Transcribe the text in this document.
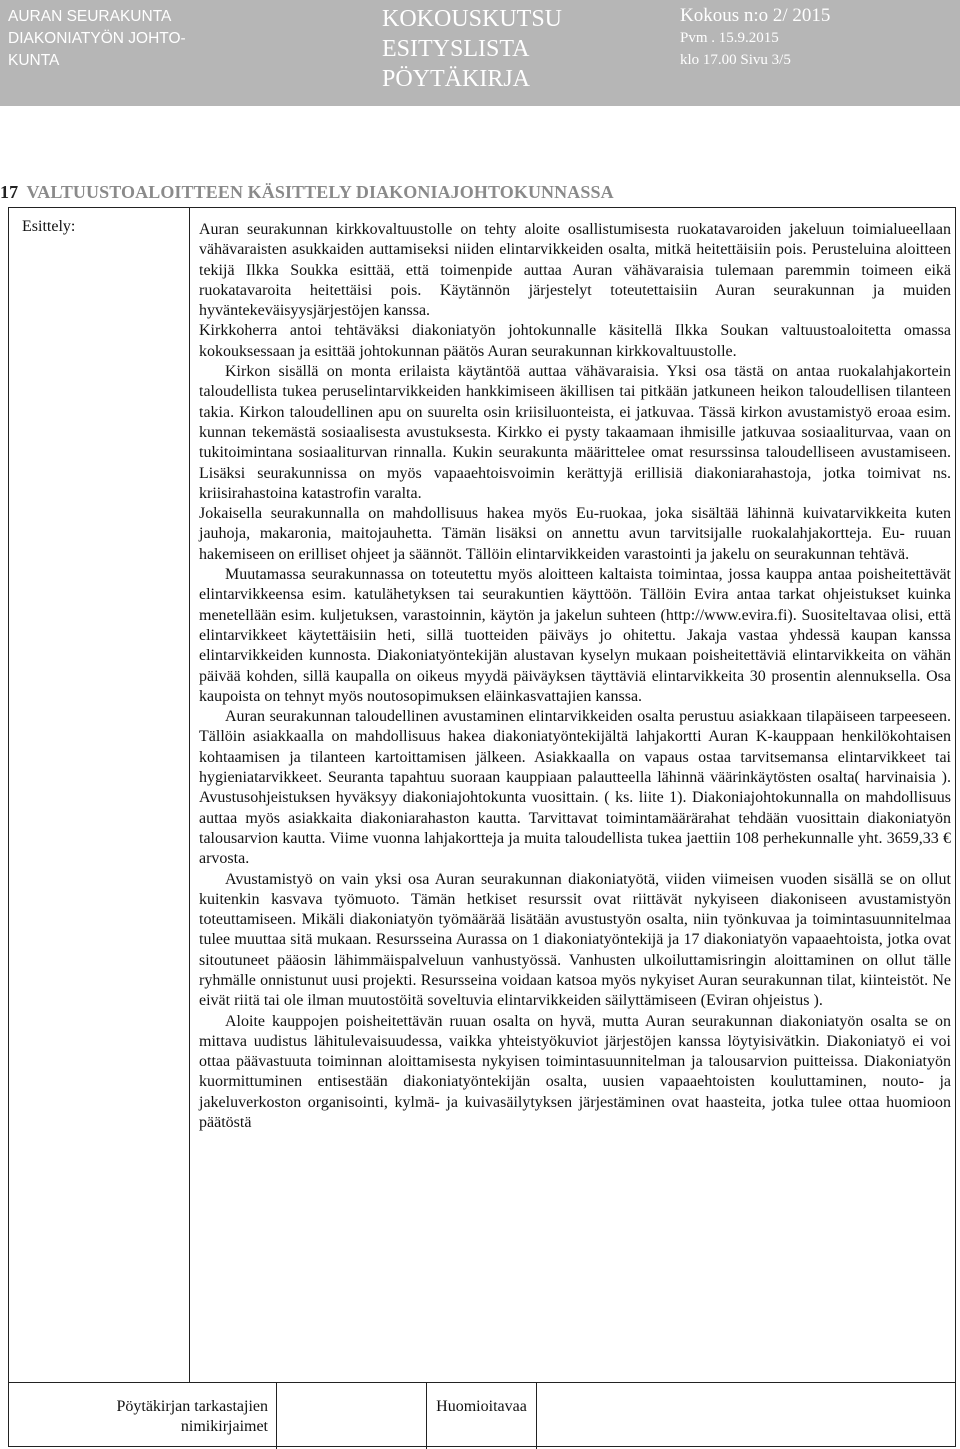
AURAN SEURAKUNTA
DIAKONIATYÖN JOHTO-
KUNTA
KOKOUSKUTSU
ESITYSLISTA
PÖYTÄKIRJA
Kokous n:o 2/ 2015
Pvm . 15.9.2015
klo 17.00 Sivu 3/5
17 VALTUUSTOALOITTEEN KÄSITTELY DIAKONIAJOHTOKUNNASSA
Esittely:	Auran seurakunnan kirkkovaltuustolle on tehty aloite osallistumisesta ruokatavaroiden jakeluun toimialueellaan vähävaraisten asukkaiden auttamiseksi niiden elintarvikkeiden osalta, mitkä heitettäisiin pois. Perusteluina aloitteen tekijä Ilkka Soukka esittää, että toimenpide auttaa Auran vähävaraisia tulemaan paremmin toimeen eikä ruokatavaroita heitettäisi pois. Käytännön järjestelyt toteutettaisiin Auran seurakunnan ja muiden hyväntekeväisyysjärjestöjen kanssa.

Kirkkoherra antoi tehtäväksi diakoniatyön johtokunnalle käsitellä Ilkka Soukan valtuustoaloitetta omassa kokouksessaan ja esittää johtokunnan päätös Auran seurakunnan kirkkovaltuustolle.

Kirkon sisällä on monta erilaista käytäntöä auttaa vähävaraisia. Yksi osa tästä on antaa ruokalahjakortein taloudellista tukea peruselintarvikkeiden hankkimiseen äkillisen tai pitkään jatkuneen heikon taloudellisen tilanteen takia. Kirkon taloudellinen apu on suurelta osin kriisiluonteista, ei jatkuvaa. Tässä kirkon avustamistyö eroaa esim. kunnan tekemästä sosiaalisesta avustuksesta. Kirkko ei pysty takaamaan ihmisille jatkuvaa sosiaaliturvaa, vaan on tukitoimintana sosiaaliturvan rinnalla. Kukin seurakunta määrittelee omat resurssinsa taloudelliseen avustamiseen. Lisäksi seurakunnissa on myös vapaaehtoisvoimin kerättyjä erillisiä diakoniarahastoja, jotka toimivat ns. kriisirahastoina katastrofin varalta.

Jokaisella seurakunnalla on mahdollisuus hakea myös Eu-ruokaa, joka sisältää lähinnä kuivatarvikkeita kuten jauhoja, makaronia, maitojauhetta. Tämän lisäksi on annettu avun tarvitsijalle ruokalahjakortteja. Eu- ruuan hakemiseen on erilliset ohjeet ja säännöt. Tällöin elintarvikkeiden varastointi ja jakelu on seurakunnan tehtävä.

Muutamassa seurakunnassa on toteutettu myös aloitteen kaltaista toimintaa, jossa kauppa antaa poisheitettävät elintarvikkeensa esim. katulähetyksen tai seurakuntien käyttöön. Tällöin Evira antaa tarkat ohjeistukset kuinka menetellään esim. kuljetuksen, varastoinnin, käytön ja jakelun suhteen (http://www.evira.fi). Suositeltavaa olisi, että elintarvikkeet käytettäisiin heti, sillä tuotteiden päiväys jo ohitettu. Jakaja vastaa yhdessä kaupan kanssa elintarvikkeiden kunnosta. Diakoniatyöntekijän alustavan kyselyn mukaan poisheitettäviä elintarvikkeita on vähän päivää kohden, sillä kaupalla on oikeus myydä päiväyksen täyttäviä elintarvikkeita 30 prosentin alennuksella. Osa kaupoista on tehnyt myös noutosopimuksen eläinkasvattajien kanssa.

Auran seurakunnan taloudellinen avustaminen elintarvikkeiden osalta perustuu asiakkaan tilapäiseen tarpeeseen. Tällöin asiakkaalla on mahdollisuus hakea diakoniatyöntekijältä lahjakortti Auran K-kauppaan henkilökohtaisen kohtaamisen ja tilanteen kartoittamisen jälkeen. Asiakkaalla on vapaus ostaa tarvitsemansa elintarvikkeet tai hygieniatarvikkeet. Seuranta tapahtuu suoraan kauppiaan palautteella lähinnä väärinkäytösten osalta( harvinaisia ). Avustusohjeistuksen hyväksyy diakoniajohtokunta vuosittain. ( ks. liite 1). Diakoniajohtokunnalla on mahdollisuus auttaa myös asiakkaita diakoniarahaston kautta. Tarvittavat toimintamäärärahat tehdään vuosittain diakoniatyön talousarvion kautta. Viime vuonna lahjakortteja ja muita taloudellista tukea jaettiin 108 perhekunnalle yht. 3659,33 € arvosta.

Avustamistyö on vain yksi osa Auran seurakunnan diakoniatyötä, viiden viimeisen vuoden sisällä se on ollut kuitenkin kasvava työmuoto. Tämän hetkiset resurssit ovat riittävät nykyiseen diakoniseen avustamistyön toteuttamiseen. Mikäli diakoniatyön työmäärää lisätään avustustyön osalta, niin työnkuvaa ja toimintasuunnitelmaa tulee muuttaa sitä mukaan. Resursseina Aurassa on 1 diakoniatyöntekijä ja 17 diakoniatyön vapaaehtoista, jotka ovat sitoutuneet pääosin lähimmäispalveluun vanhustyössä. Vanhusten ulkoiluttamisringin aloittaminen on ollut tälle ryhmälle onnistunut uusi projekti. Resursseina voidaan katsoa myös nykyiset Auran seurakunnan tilat, kiinteistöt. Ne eivät riitä tai ole ilman muutostöitä soveltuvia elintarvikkeiden säilyttämiseen (Eviran ohjeistus ).

Aloite kauppojen poisheitettävän ruuan osalta on hyvä, mutta Auran seurakunnan diakoniatyön osalta se on mittava uudistus lähitulevaisuudessa, vaikka yhteistyökuviot järjestöjen kanssa löytyisivätkin. Diakoniatyö ei voi ottaa päävastuuta toiminnan aloittamisesta nykyisen toimintasuunnitelman ja talousarvion puitteissa. Diakoniatyön kuormittuminen entisestään diakoniatyöntekijän osalta, uusien vapaaehtoisten kouluttaminen, nouto- ja jakeluverkoston organisointi, kylmä- ja kuivasäilytyksen järjestäminen ovat haasteita, jotka tulee ottaa huomioon päätöstä

Pöytäkirjan tarkastajien
nimikirjaimet
Huomioitavaa
